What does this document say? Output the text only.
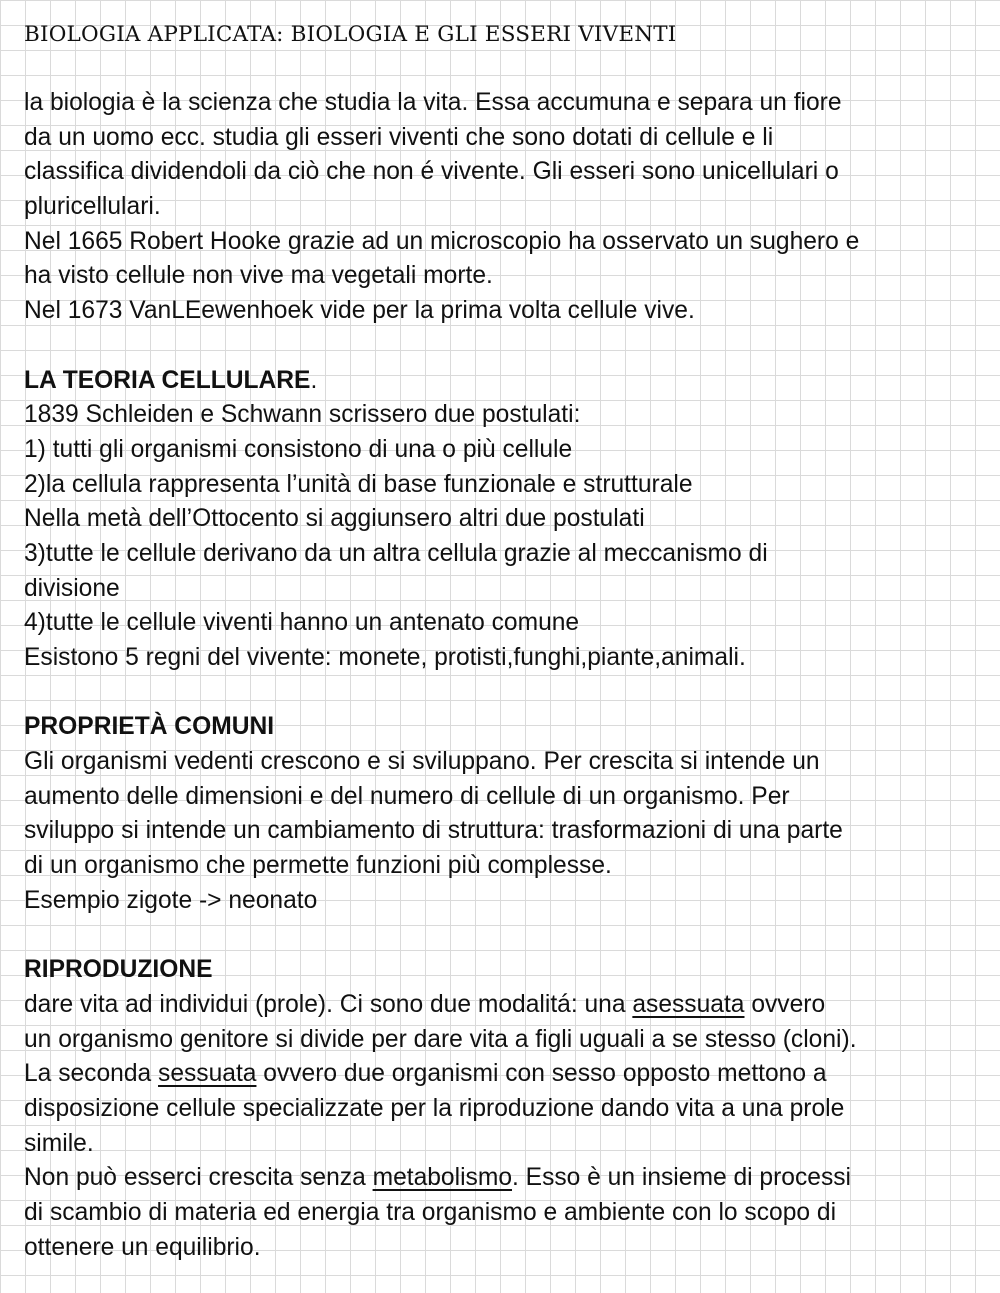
BIOLOGIA APPLICATA: BIOLOGIA E GLI ESSERI VIVENTI
la biologia è la scienza che studia la vita. Essa accumuna e separa un fiore
da un uomo ecc. studia gli esseri viventi che sono dotati di cellule e li
classifica dividendoli da ciò che non é vivente. Gli esseri sono unicellulari o
pluricellulari.
Nel 1665 Robert Hooke grazie ad un microscopio ha osservato un sughero e
ha visto cellule non vive ma vegetali morte.
Nel 1673 VanLEewenhoek vide per la prima volta cellule vive.
LA TEORIA CELLULARE.
1839 Schleiden e Schwann scrissero due postulati:
1) tutti gli organismi consistono di una o più cellule
2)la cellula rappresenta l’unità di base funzionale e strutturale
Nella metà dell’Ottocento si aggiunsero altri due postulati
3)tutte le cellule derivano da un altra cellula grazie al meccanismo di
divisione
4)tutte le cellule viventi hanno un antenato comune
Esistono 5 regni del vivente: monete, protisti,funghi,piante,animali.
PROPRIETÀ COMUNI
Gli organismi vedenti crescono e si sviluppano. Per crescita si intende un
aumento delle dimensioni e del numero di cellule di un organismo. Per
sviluppo si intende un cambiamento di struttura: trasformazioni di una parte
di un organismo che permette funzioni più complesse.
Esempio zigote -> neonato
RIPRODUZIONE
dare vita ad individui (prole). Ci sono due modalitá: una asessuata ovvero
un organismo genitore si divide per dare vita a figli uguali a se stesso (cloni).
La seconda sessuata ovvero due organismi con sesso opposto mettono a
disposizione cellule specializzate per la riproduzione dando vita a una prole
simile.
Non può esserci crescita senza metabolismo. Esso è un insieme di processi
di scambio di materia ed energia tra organismo e ambiente con lo scopo di
ottenere un equilibrio.
